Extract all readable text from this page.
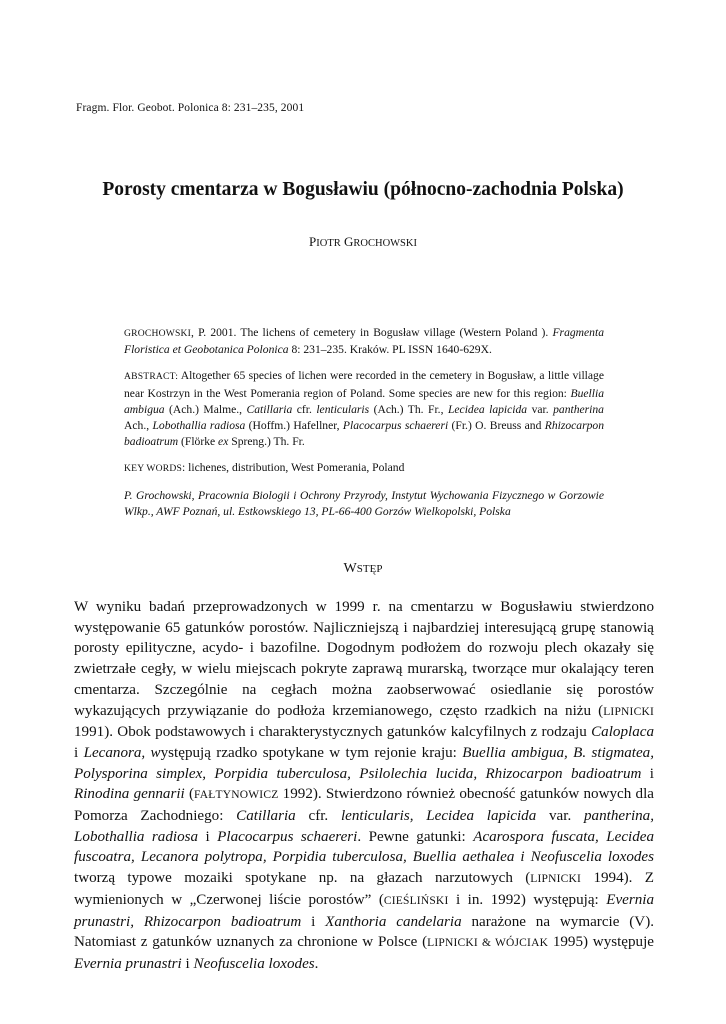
Fragm. Flor. Geobot. Polonica 8: 231–235, 2001
Porosty cmentarza w Bogusławiu (północno-zachodnia Polska)
PIOTR GROCHOWSKI

GROCHOWSKI, P. 2001. The lichens of cemetery in Bogusław village (Western Poland ). Fragmenta Floristica et Geobotanica Polonica 8: 231–235. Kraków. PL ISSN 1640-629X.

ABSTRACT: Altogether 65 species of lichen were recorded in the cemetery in Bogusław, a little village near Kostrzyn in the West Pomerania region of Poland. Some species are new for this region: Buellia ambigua (Ach.) Malme., Catillaria cfr. lenticularis (Ach.) Th. Fr., Lecidea lapicida var. pantherina Ach., Lobothallia radiosa (Hoffm.) Hafellner, Placocarpus schaereri (Fr.) O. Breuss and Rhizocarpon badioatrum (Flörke ex Spreng.) Th. Fr.

KEY WORDS: lichenes, distribution, West Pomerania, Poland

P. Grochowski, Pracownia Biologii i Ochrony Przyrody, Instytut Wychowania Fizycznego w Gorzowie Wlkp., AWF Poznań, ul. Estkowskiego 13, PL-66-400 Gorzów Wielkopolski, Polska

WSTĘP

W wyniku badań przeprowadzonych w 1999 r. na cmentarzu w Bogusławiu stwierdzono występowanie 65 gatunków porostów. Najliczniejszą i najbardziej interesującą grupę stanowią porosty epilityczne, acydo- i bazofilne. Dogodnym podłożem do rozwoju plech okazały się zwietrzałe cegły, w wielu miejscach pokryte zaprawą murarską, tworzące mur okalający teren cmentarza. Szczególnie na cegłach można zaobserwować osiedlanie się porostów wykazujących przywiązanie do podłoża krzemianowego, często rzadkich na niżu (LIPNICKI 1991). Obok podstawowych i charakterystycznych gatunków kalcyfilnych z rodzaju Caloplaca i Lecanora, występują rzadko spotykane w tym rejonie kraju: Buellia ambigua, B. stigmatea, Polysporina simplex, Porpidia tuberculosa, Psilolechia lucida, Rhizocarpon badioatrum i Rinodina gennarii (FAŁTYNOWICZ 1992). Stwierdzono również obecność gatunków nowych dla Pomorza Zachodniego: Catillaria cfr. lenticularis, Lecidea lapicida var. pantherina, Lobothallia radiosa i Placocarpus schaereri. Pewne gatunki: Acarospora fuscata, Lecidea fuscoatra, Lecanora polytropa, Porpidia tuberculosa, Buellia aethalea i Neofuscelia loxodes tworzą typowe mozaiki spotykane np. na głazach narzutowych (LIPNICKI 1994). Z wymienionych w „Czerwonej liście porostów” (CIEŚLIŃSKI i in. 1992) występują: Evernia prunastri, Rhizocarpon badioatrum i Xanthoria candelaria narażone na wymarcie (V). Natomiast z gatunków uznanych za chronione w Polsce (LIPNICKI & WÓJCIAK 1995) występuje Evernia prunastri i Neofuscelia loxodes.
